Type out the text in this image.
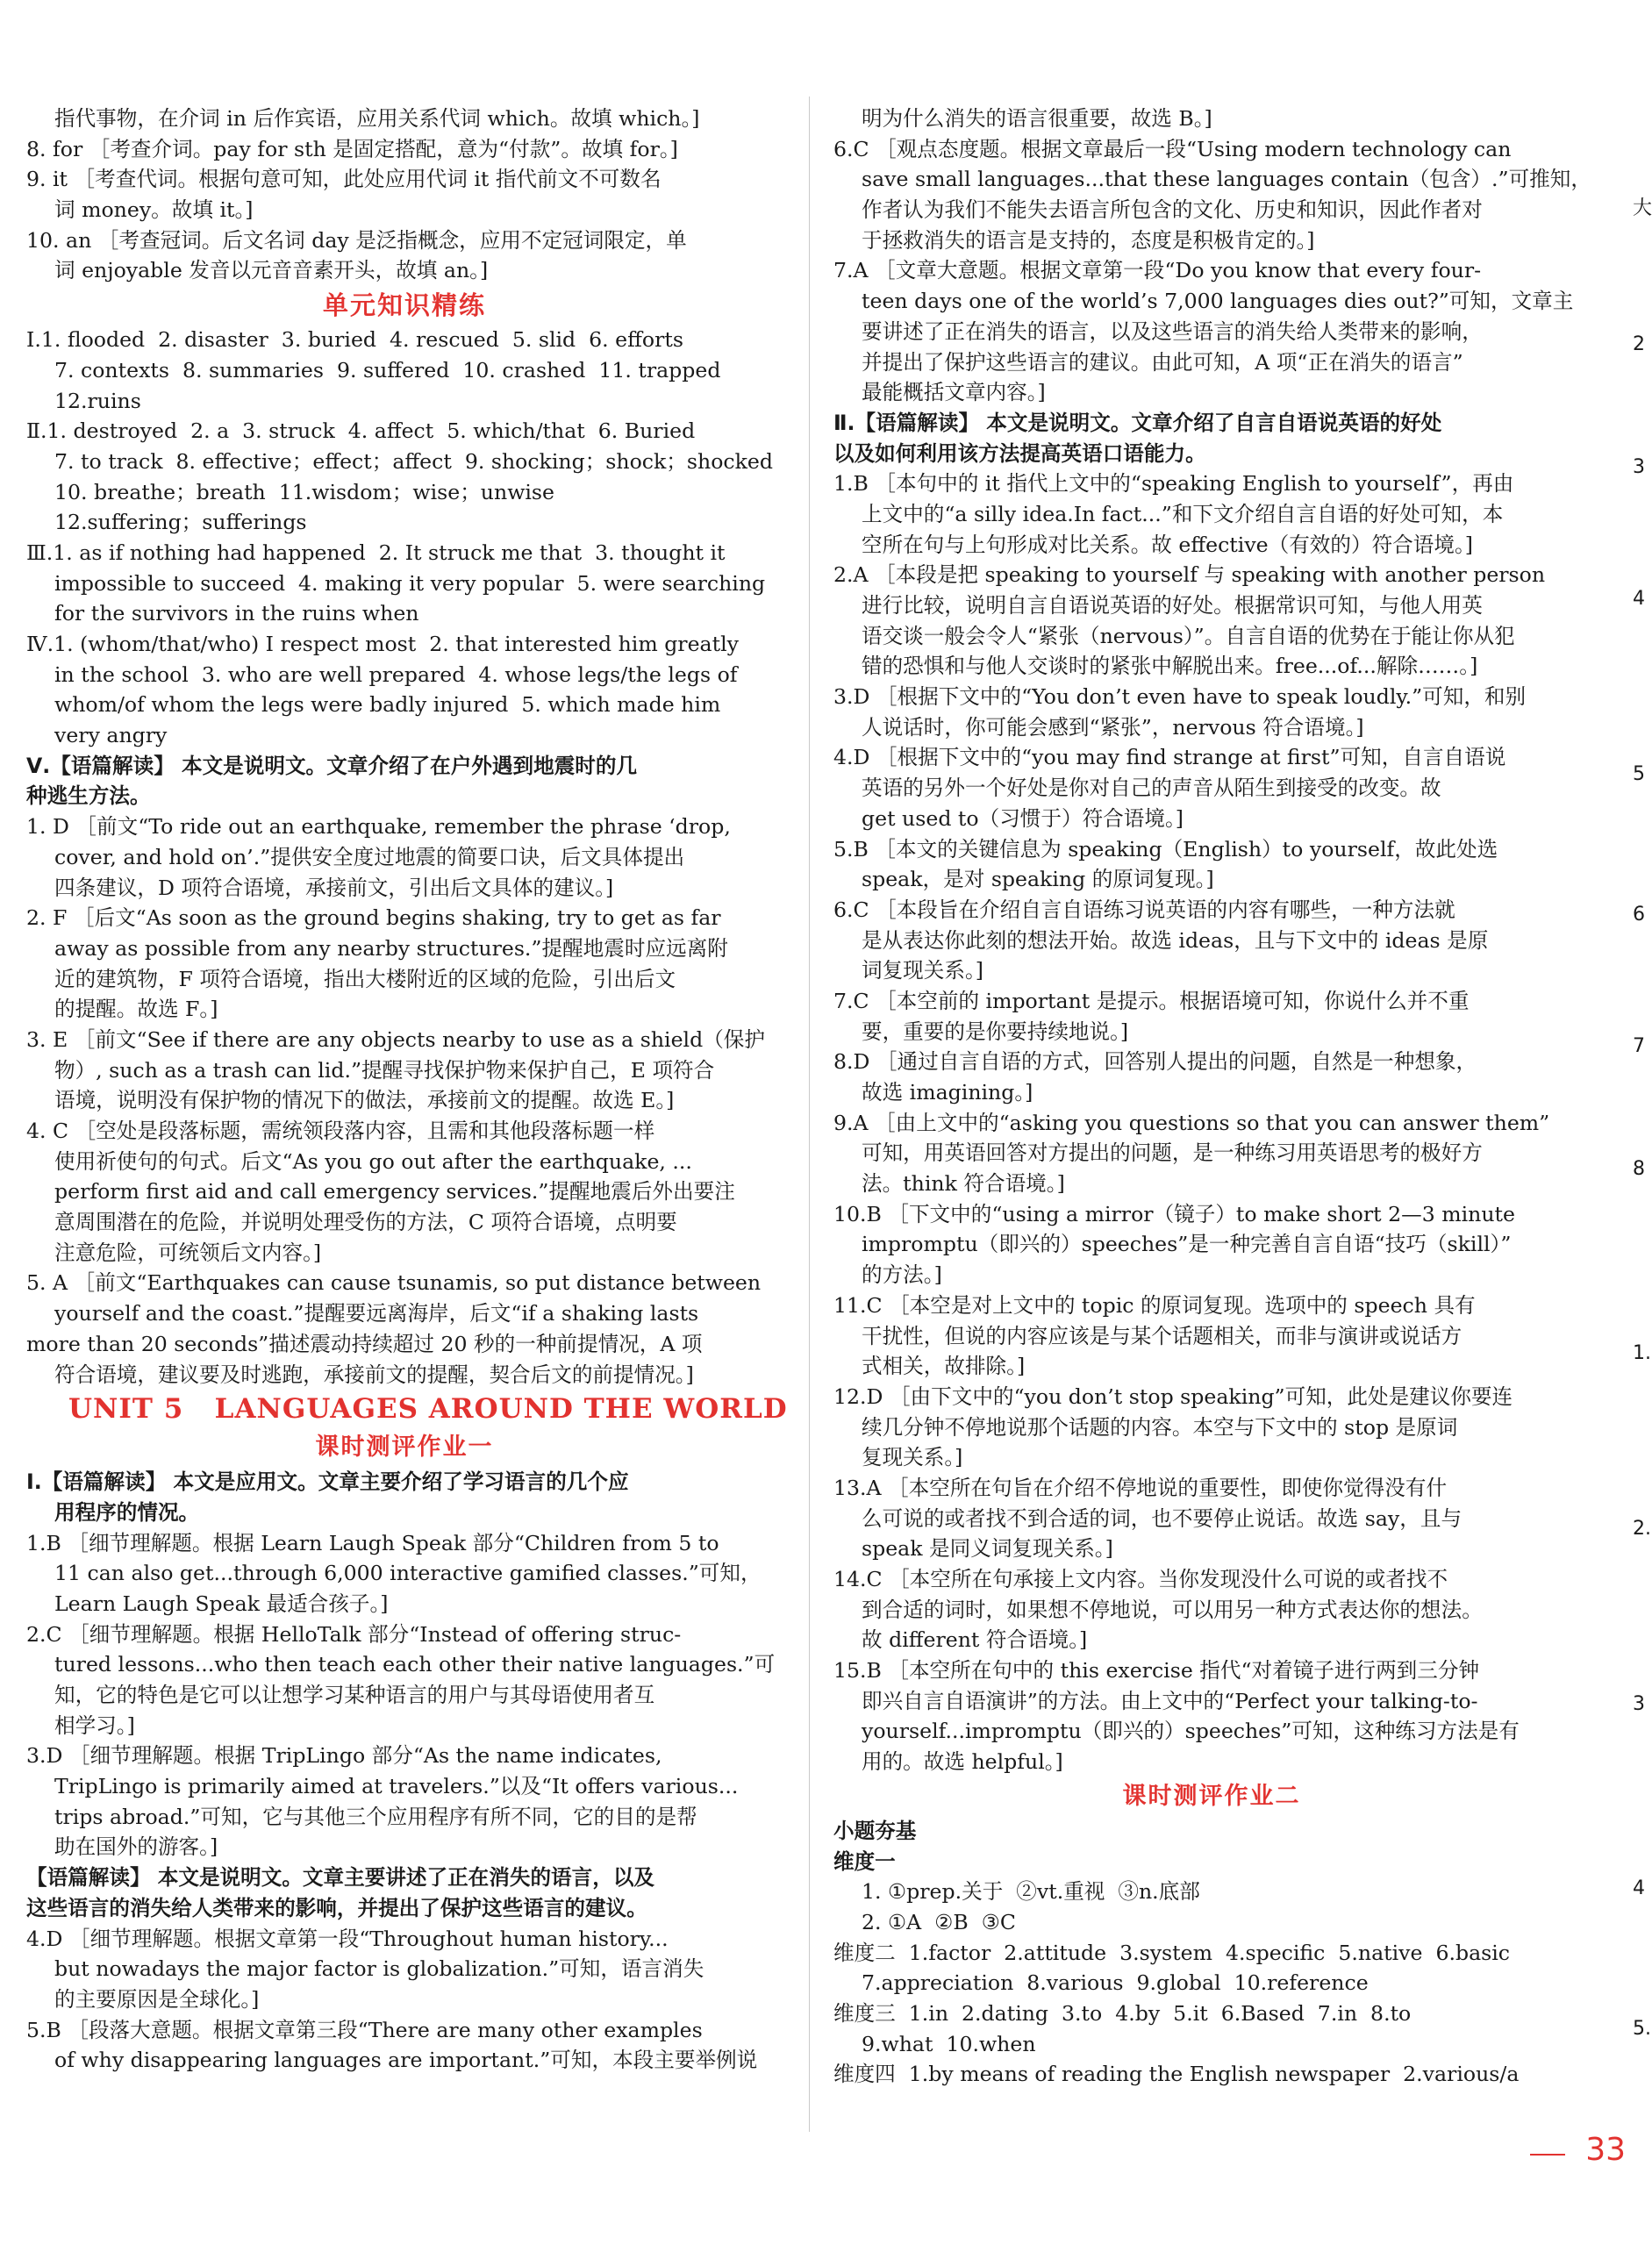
指代事物，在介词 in 后作宾语，应用关系代词 which。故填 which。]
8. for ［考查介词。pay for sth 是固定搭配，意为“付款”。故填 for。]
9. it ［考查代词。根据句意可知，此处应用代词 it 指代前文不可数名
词 money。故填 it。]
10. an ［考查冠词。后文名词 day 是泛指概念，应用不定冠词限定，单
词 enjoyable 发音以元音音素开头，故填 an。]
单元知识精练
Ⅰ.1. flooded  2. disaster  3. buried  4. rescued  5. slid  6. efforts
7. contexts  8. summaries  9. suffered  10. crashed  11. trapped
12.ruins
Ⅱ.1. destroyed  2. a  3. struck  4. affect  5. which/that  6. Buried
7. to track  8. effective；effect；affect  9. shocking；shock；shocked
10. breathe；breath  11.wisdom；wise；unwise
12.suffering；sufferings
Ⅲ.1. as if nothing had happened  2. It struck me that  3. thought it
impossible to succeed  4. making it very popular  5. were searching
for the survivors in the ruins when
Ⅳ.1. (whom/that/who) I respect most  2. that interested him greatly
in the school  3. who are well prepared  4. whose legs/the legs of
whom/of whom the legs were badly injured  5. which made him
very angry
Ⅴ.【语篇解读】 本文是说明文。文章介绍了在户外遇到地震时的几
种逃生方法。
1. D ［前文“To ride out an earthquake, remember the phrase ‘drop,
cover, and hold on’.”提供安全度过地震的简要口诀，后文具体提出
四条建议，D 项符合语境，承接前文，引出后文具体的建议。]
2. F ［后文“As soon as the ground begins shaking, try to get as far
away as possible from any nearby structures.”提醒地震时应远离附
近的建筑物，F 项符合语境，指出大楼附近的区域的危险，引出后文
的提醒。故选 F。]
3. E ［前文“See if there are any objects nearby to use as a shield（保护
物）, such as a trash can lid.”提醒寻找保护物来保护自己，E 项符合
语境，说明没有保护物的情况下的做法，承接前文的提醒。故选 E。]
4. C ［空处是段落标题，需统领段落内容，且需和其他段落标题一样
使用祈使句的句式。后文“As you go out after the earthquake, ...
perform first aid and call emergency services.”提醒地震后外出要注
意周围潜在的危险，并说明处理受伤的方法，C 项符合语境，点明要
注意危险，可统领后文内容。]
5. A ［前文“Earthquakes can cause tsunamis, so put distance between
yourself and the coast.”提醒要远离海岸，后文“if a shaking lasts
more than 20 seconds”描述震动持续超过 20 秒的一种前提情况，A 项
符合语境，建议要及时逃跑，承接前文的提醒，契合后文的前提情况。]
UNIT 5   LANGUAGES AROUND THE WORLD
课时测评作业一
Ⅰ.【语篇解读】 本文是应用文。文章主要介绍了学习语言的几个应
用程序的情况。
1.B ［细节理解题。根据 Learn Laugh Speak 部分“Children from 5 to
11 can also get...through 6,000 interactive gamified classes.”可知，
Learn Laugh Speak 最适合孩子。]
2.C ［细节理解题。根据 HelloTalk 部分“Instead of offering struc-
tured lessons...who then teach each other their native languages.”可
知，它的特色是它可以让想学习某种语言的用户与其母语使用者互
相学习。]
3.D ［细节理解题。根据 TripLingo 部分“As the name indicates,
TripLingo is primarily aimed at travelers.”以及“It offers various...
trips abroad.”可知，它与其他三个应用程序有所不同，它的目的是帮
助在国外的游客。]
【语篇解读】 本文是说明文。文章主要讲述了正在消失的语言，以及
这些语言的消失给人类带来的影响，并提出了保护这些语言的建议。
4.D ［细节理解题。根据文章第一段“Throughout human history...
but nowadays the major factor is globalization.”可知，语言消失
的主要原因是全球化。]
5.B ［段落大意题。根据文章第三段“There are many other examples
of why disappearing languages are important.”可知，本段主要举例说
明为什么消失的语言很重要，故选 B。]
6.C ［观点态度题。根据文章最后一段“Using modern technology can
save small languages...that these languages contain（包含）.”可推知，
作者认为我们不能失去语言所包含的文化、历史和知识，因此作者对
于拯救消失的语言是支持的，态度是积极肯定的。]
7.A ［文章大意题。根据文章第一段“Do you know that every four-
teen days one of the world’s 7,000 languages dies out?”可知，文章主
要讲述了正在消失的语言，以及这些语言的消失给人类带来的影响，
并提出了保护这些语言的建议。由此可知，A 项“正在消失的语言”
最能概括文章内容。]
Ⅱ.【语篇解读】 本文是说明文。文章介绍了自言自语说英语的好处
以及如何利用该方法提高英语口语能力。
1.B ［本句中的 it 指代上文中的“speaking English to yourself”，再由
上文中的“a silly idea.In fact...”和下文介绍自言自语的好处可知，本
空所在句与上句形成对比关系。故 effective（有效的）符合语境。]
2.A ［本段是把 speaking to yourself 与 speaking with another person
进行比较，说明自言自语说英语的好处。根据常识可知，与他人用英
语交谈一般会令人“紧张（nervous）”。自言自语的优势在于能让你从犯
错的恐惧和与他人交谈时的紧张中解脱出来。free...of...解除……。]
3.D ［根据下文中的“You don’t even have to speak loudly.”可知，和别
人说话时，你可能会感到“紧张”，nervous 符合语境。]
4.D ［根据下文中的“you may find strange at first”可知，自言自语说
英语的另外一个好处是你对自己的声音从陌生到接受的改变。故
get used to（习惯于）符合语境。]
5.B ［本文的关键信息为 speaking（English）to yourself，故此处选
speak，是对 speaking 的原词复现。]
6.C ［本段旨在介绍自言自语练习说英语的内容有哪些，一种方法就
是从表达你此刻的想法开始。故选 ideas，且与下文中的 ideas 是原
词复现关系。]
7.C ［本空前的 important 是提示。根据语境可知，你说什么并不重
要，重要的是你要持续地说。]
8.D ［通过自言自语的方式，回答别人提出的问题，自然是一种想象，
故选 imagining。]
9.A ［由上文中的“asking you questions so that you can answer them”
可知，用英语回答对方提出的问题，是一种练习用英语思考的极好方
法。think 符合语境。]
10.B ［下文中的“using a mirror（镜子）to make short 2—3 minute
impromptu（即兴的）speeches”是一种完善自言自语“技巧（skill）”
的方法。]
11.C ［本空是对上文中的 topic 的原词复现。选项中的 speech 具有
干扰性，但说的内容应该是与某个话题相关，而非与演讲或说话方
式相关，故排除。]
12.D ［由下文中的“you don’t stop speaking”可知，此处是建议你要连
续几分钟不停地说那个话题的内容。本空与下文中的 stop 是原词
复现关系。]
13.A ［本空所在句旨在介绍不停地说的重要性，即使你觉得没有什
么可说的或者找不到合适的词，也不要停止说话。故选 say，且与
speak 是同义词复现关系。]
14.C ［本空所在句承接上文内容。当你发现没什么可说的或者找不
到合适的词时，如果想不停地说，可以用另一种方式表达你的想法。
故 different 符合语境。]
15.B ［本空所在句中的 this exercise 指代“对着镜子进行两到三分钟
即兴自言自语演讲”的方法。由上文中的“Perfect your talking-to-
yourself...impromptu（即兴的）speeches”可知，这种练习方法是有
用的。故选 helpful。]
课时测评作业二
小题夯基
维度一
1. ①prep.关于  ②vt.重视  ③n.底部
2. ①A  ②B  ③C
维度二  1.factor  2.attitude  3.system  4.specific  5.native  6.basic
7.appreciation  8.various  9.global  10.reference
维度三  1.in  2.dating  3.to  4.by  5.it  6.Based  7.in  8.to
9.what  10.when
维度四  1.by means of reading the English newspaper  2.various/a
大
2
3
4
5
6
7
8
1.
2.
3
4
5.
33
